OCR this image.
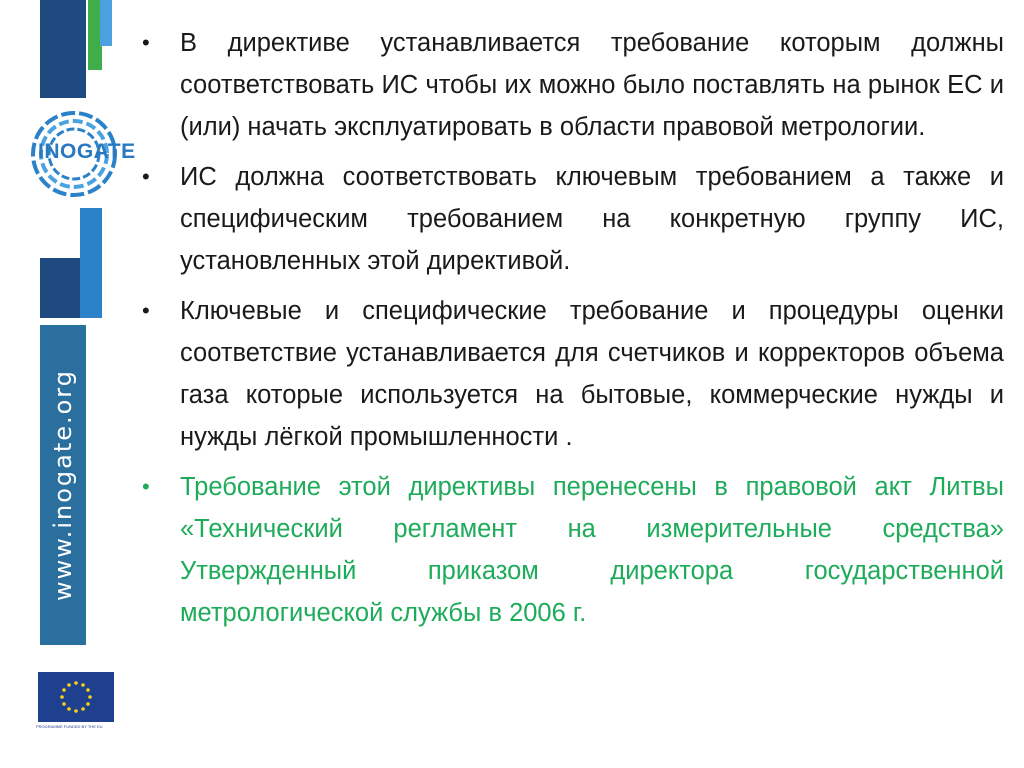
INOGATE
www.inogate.org
PROGRAMME FUNDED BY THE EU
• В директиве устанавливается требование которым должны соответствовать ИС чтобы их можно было поставлять на рынок ЕС и (или) начать эксплуатировать в области правовой метрологии.
• ИС должна соответствовать ключевым требованием а также и специфическим требованием на конкретную группу ИС, установленных этой директивой.
• Ключевые и специфические требование и процедуры оценки соответствие устанавливается для счетчиков и корректоров объема газа которые используется на бытовые, коммерческие нужды и нужды лёгкой промышленности .
• Требование этой директивы перенесены в правовой акт Литвы «Технический регламент на измерительные средства» Утвержденный приказом директора государственной метрологической службы в 2006 г.
